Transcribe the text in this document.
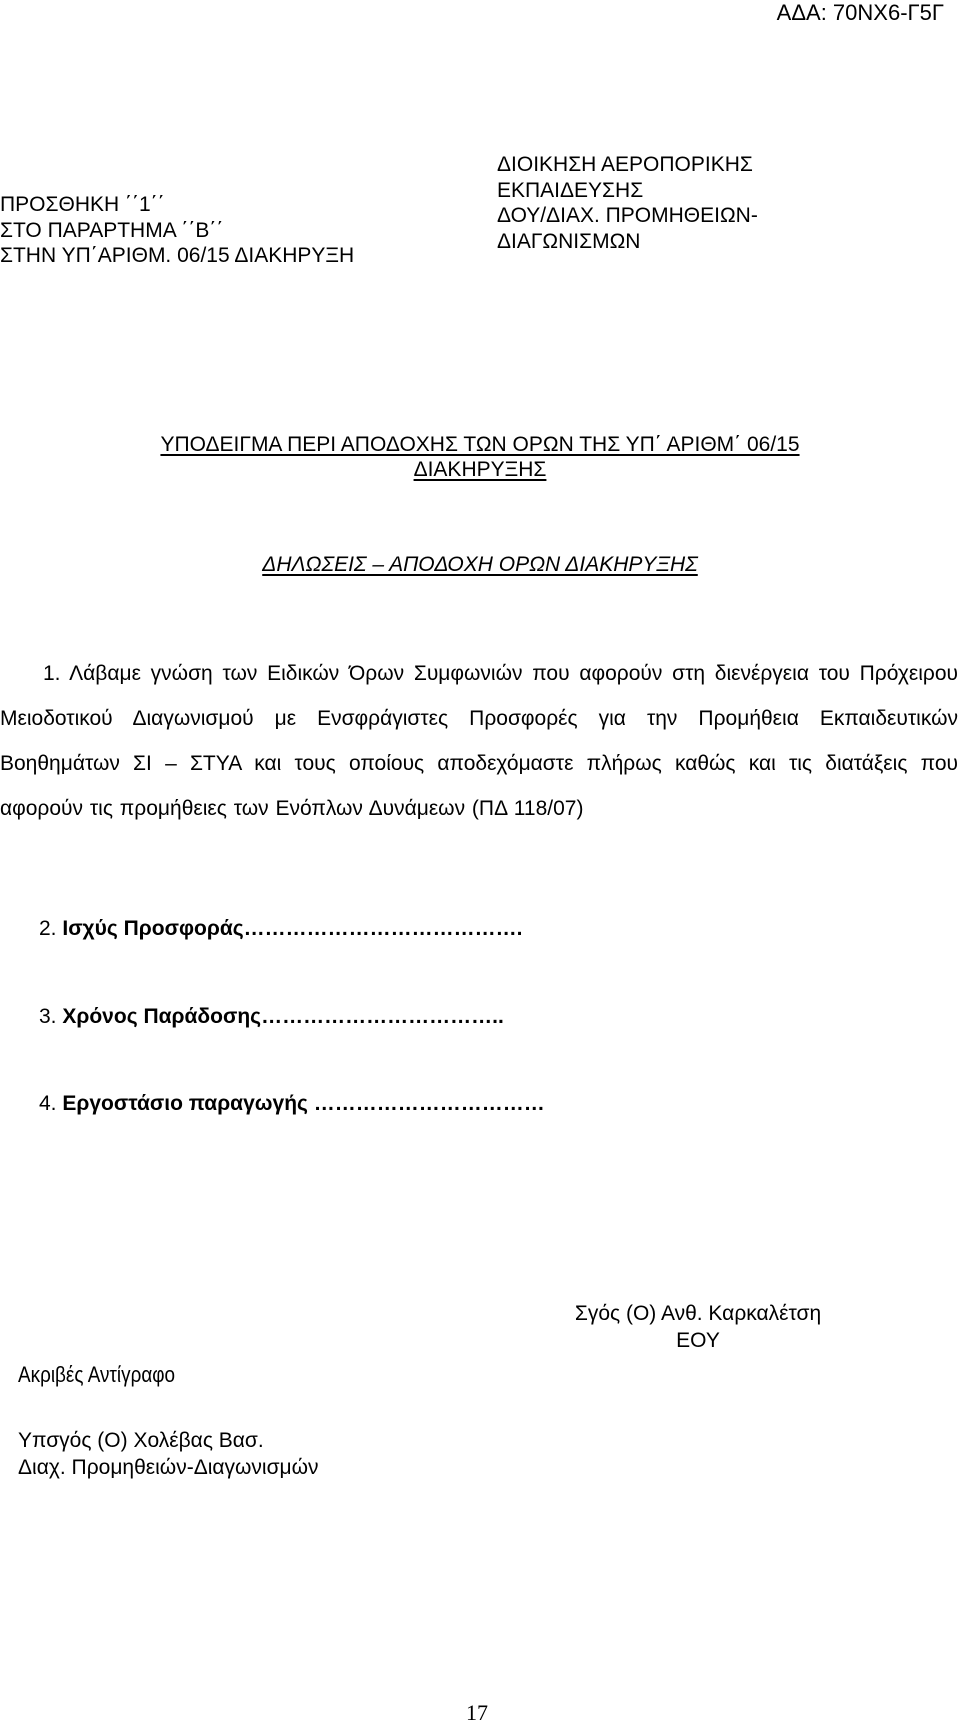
ΑΔΑ: 70ΝΧ6-Γ5Γ
ΠΡΟΣΘΗΚΗ ΄΄1΄΄
ΣΤΟ ΠΑΡΑΡΤΗΜΑ ΄΄Β΄΄
ΣΤΗΝ ΥΠ΄ΑΡΙΘΜ. 06/15 ΔΙΑΚΗΡΥΞΗ
ΔΙΟΙΚΗΣΗ ΑΕΡΟΠΟΡΙΚΗΣ
ΕΚΠΑΙΔΕΥΣΗΣ
ΔΟΥ/ΔΙΑΧ. ΠΡΟΜΗΘΕΙΩΝ-
ΔΙΑΓΩΝΙΣΜΩΝ
ΥΠΟΔΕΙΓΜΑ ΠΕΡΙ ΑΠΟΔΟΧΗΣ ΤΩΝ ΟΡΩΝ ΤΗΣ ΥΠ΄ ΑΡΙΘΜ΄ 06/15
ΔΙΑΚΗΡΥΞΗΣ
ΔΗΛΩΣΕΙΣ – ΑΠΟΔΟΧΗ ΟΡΩΝ ΔΙΑΚΗΡΥΞΗΣ

1. Λάβαμε γνώση των Ειδικών Όρων Συμφωνιών που αφορούν στη διενέργεια του Πρόχειρου Μειοδοτικού Διαγωνισμού με Ενσφράγιστες Προσφορές για την Προμήθεια Εκπαιδευτικών Βοηθημάτων ΣΙ – ΣΤΥΑ και τους οποίους αποδεχόμαστε πλήρως καθώς και τις διατάξεις που αφορούν τις προμήθειες των Ενόπλων Δυνάμεων (ΠΔ 118/07)

2. Ισχύς Προσφοράς………………………………….
3. Χρόνος Παράδοσης……………………………..
4. Εργοστάσιο παραγωγής ……………………………
Σγός (Ο) Ανθ. Καρκαλέτση
ΕΟΥ
Ακριβές Αντίγραφο
Υπσγός (Ο) Χολέβας Βασ.
Διαχ. Προμηθειών-Διαγωνισμών
17
